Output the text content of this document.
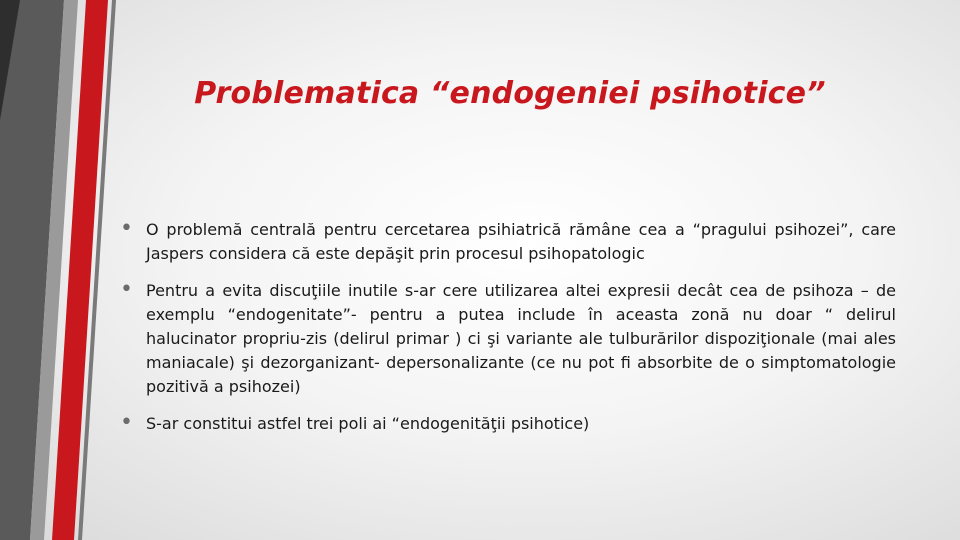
Problematica “endogeniei psihotice”
• O problemă centrală pentru cercetarea psihiatrică rămâne cea a “pragului psihozei”, care Jaspers considera că este depăşit prin procesul psihopatologic
• Pentru a evita discuţiile inutile s-ar cere utilizarea altei expresii decât cea de psihoza – de exemplu “endogenitate”- pentru a putea include în aceasta zonă nu doar “ delirul halucinator propriu-zis (delirul primar ) ci şi variante ale tulburărilor dispoziţionale (mai ales maniacale) şi dezorganizant- depersonalizante (ce nu pot fi absorbite de o simptomatologie pozitivă a psihozei)
• S-ar constitui astfel trei poli ai “endogenităţii psihotice)
